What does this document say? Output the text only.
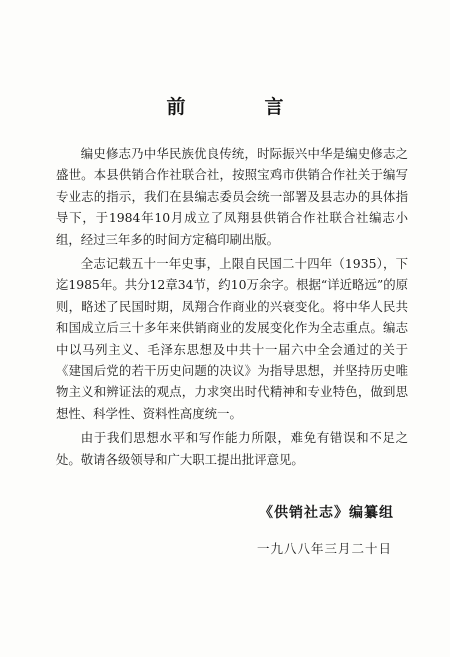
前　言

编史修志乃中华民族优良传统，时际振兴中华是编史修志之盛世。本县供销合作社联合社，按照宝鸡市供销合作社关于编写专业志的指示，我们在县编志委员会统一部署及县志办的具体指导下，于1984年10月成立了凤翔县供销合作社联合社编志小组，经过三年多的时间方定稿印刷出版。

全志记载五十一年史事，上限自民国二十四年（1935），下迄1985年。共分12章34节，约10万余字。根据“详近略远”的原则，略述了民国时期，凤翔合作商业的兴衰变化。将中华人民共和国成立后三十多年来供销商业的发展变化作为全志重点。编志中以马列主义、毛泽东思想及中共十一届六中全会通过的关于《建国后党的若干历史问题的决议》为指导思想，并坚持历史唯物主义和辨证法的观点，力求突出时代精神和专业特色，做到思想性、科学性、资料性高度统一。

由于我们思想水平和写作能力所限，难免有错误和不足之处。敬请各级领导和广大职工提出批评意见。

《供销社志》编纂组
一九八八年三月二十日
